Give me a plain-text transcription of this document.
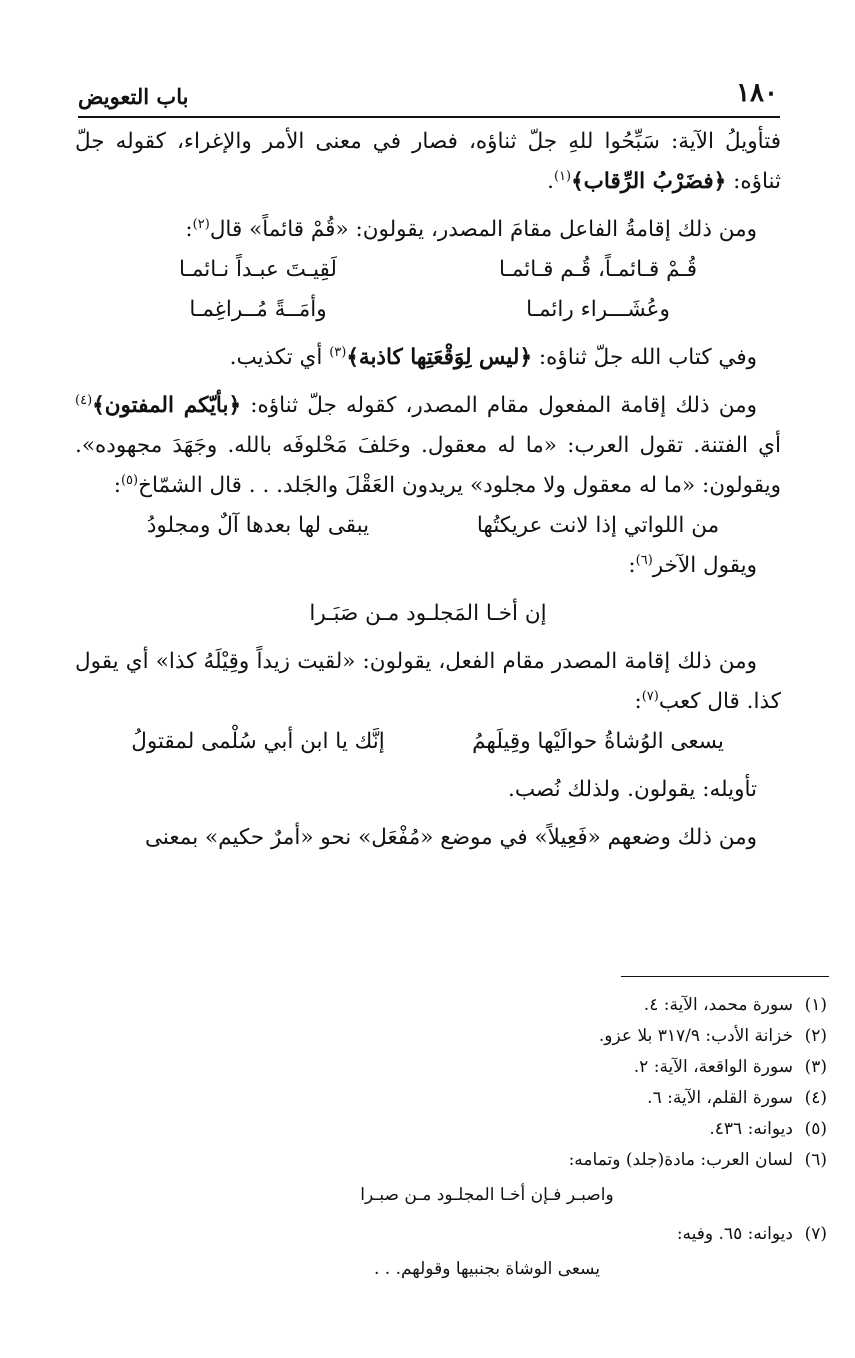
١٨٠
باب التعويض

فتأويلُ الآية: سَبِّحُوا للهِ جلّ ثناؤه، فصار في معنى الأمر والإغراء، كقوله جلّ ثناؤه: ﴿فضَرْبُ الرِّقاب﴾$^{(١)}$.

ومن ذلك إقامةُ الفاعل مقامَ المصدر، يقولون: «قُمْ قائماً» قال$^{(٢)}$:

قُـمْ قـائمـاً، قُـم قـائمـا
لَقِيـتَ عبـداً نـائمـا
وعُشَـــراء رائمـا
وأمَــةً مُــراغِمـا

وفي كتاب الله جلّ ثناؤه: ﴿ليس لِوَقْعَتِها كاذبة﴾$^{(٣)}$ أي تكذيب.

ومن ذلك إقامة المفعول مقام المصدر، كقوله جلّ ثناؤه: ﴿بأيّكم المفتون﴾$^{(٤)}$ أي الفتنة. تقول العرب: «ما له معقول. وحَلفَ مَحْلوفَه بالله. وجَهَدَ مجهوده». ويقولون: «ما له معقول ولا مجلود» يريدون العَقْلَ والجَلد. . . قال الشمّاخ$^{(٥)}$:

من اللواتي إذا لانت عريكتُها
يبقى لها بعدها آلٌ ومجلودُ

ويقول الآخر$^{(٦)}$:

إن أخـا المَجلـود مـن صَبَـرا

ومن ذلك إقامة المصدر مقام الفعل، يقولون: «لقيت زيداً وقِيْلَهُ كذا» أي يقول كذا. قال كعب$^{(٧)}$:

يسعى الوُشاةُ حوالَيْها وقِيلَهمُ
إنَّك يا ابن أبي سُلْمى لمقتولُ

تأويله: يقولون. ولذلك نُصب.

ومن ذلك وضعهم «فَعِيلاً» في موضع «مُفْعَل» نحو «أمرٌ حكيم» بمعنى

(١)سورة محمد، الآية: ٤.

(٢)خزانة الأدب: ٣١٧/٩ بلا عزو.

(٣)سورة الواقعة، الآية: ٢.

(٤)سورة القلم، الآية: ٦.

(٥)ديوانه: ٤٣٦.

(٦)لسان العرب: مادة(جلد) وتمامه:

واصبـر فـإن أخـا المجلـود مـن صبـرا

(٧)ديوانه: ٦٥. وفيه:

يسعى الوشاة بجنبيها وقولهم. . .
